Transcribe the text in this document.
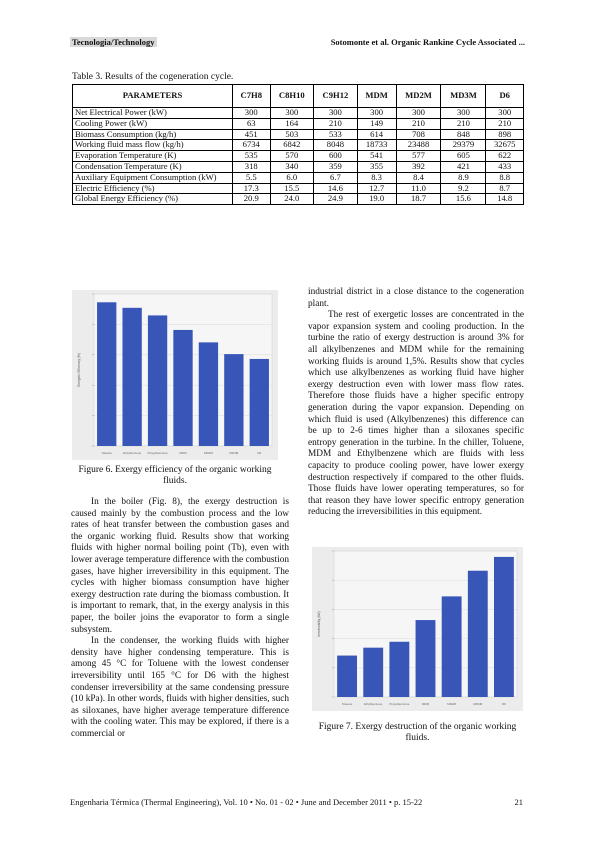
Tecnologia/Technology	Sotomonte et al. Organic Rankine Cycle Associated ...
Table 3. Results of the cogeneration cycle.
PARAMETERS	C7H8	C8H10	C9H12	MDM	MD2M	MD3M	D6
Net Electrical Power (kW)	300	300	300	300	300	300	300
Cooling Power (kW)	63	164	210	149	210	210	210
Biomass Consumption (kg/h)	451	503	533	614	708	848	898
Working fluid mass flow (kg/h)	6734	6842	8048	18733	23488	29379	32675
Evaporation Temperature (K)	535	570	600	541	577	605	622
Condensation Temperature (K)	318	340	359	355	392	421	433
Auxiliary Equipment Consumption (kW)	5.5	6.0	6.7	8.3	8.4	8.9	8.8
Electric Efficiency (%)	17.3	15.5	14.6	12.7	11.0	9.2	8.7
Global Energy Efficiency (%)	20.9	24.0	24.9	19.0	18.7	15.6	14.8
Exergetic Efficiency (%)
Toluene	Ethylbenzene Propylbenzene	MDM	MD2M	MD3M	D6
Figure 6. Exergy efficiency of the organic working fluids.
Irreversibility (kW)
Toluene	Ethylbenzene Propylbenzene	MDM	MD2M	MD3M	D6
Figure 7. Exergy destruction of the organic working fluids.

In the boiler (Fig. 8), the exergy destruction is caused mainly by the combustion process and the low rates of heat transfer between the combustion gases and the organic working fluid. Results show that working fluids with higher normal boiling point (Tb), even with lower average temperature difference with the combustion gases, have higher irreversibility in this equipment. The cycles with higher biomass consumption have higher exergy destruction rate during the biomass combustion. It is important to remark, that, in the exergy analysis in this paper, the boiler joins the evaporator to form a single subsystem.

In the condenser, the working fluids with higher density have higher condensing temperature. This is among 45 °C for Toluene with the lowest condenser irreversibility until 165 °C for D6 with the highest condenser irreversibility at the same condensing pressure (10 kPa). In other words, fluids with higher densities, such as siloxanes, have higher average temperature difference with the cooling water. This may be explored, if there is a commercial or

industrial district in a close distance to the cogeneration plant.

The rest of exergetic losses are concentrated in the vapor expansion system and cooling production. In the turbine the ratio of exergy destruction is around 3% for all alkylbenzenes and MDM while for the remaining working fluids is around 1,5%. Results show that cycles which use alkylbenzenes as working fluid have higher exergy destruction even with lower mass flow rates. Therefore those fluids have a higher specific entropy generation during the vapor expansion. Depending on which fluid is used (Alkylbenzenes) this difference can be up to 2-6 times higher than a siloxanes specific entropy generation in the turbine. In the chiller, Toluene, MDM and Ethylbenzene which are fluids with less capacity to produce cooling power, have lower exergy destruction respectively if compared to the other fluids. Those fluids have lower operating temperatures, so for that reason they have lower specific entropy generation reducing the irreversibilities in this equipment.

Engenharia Térmica (Thermal Engineering), Vol. 10 • No. 01 - 02 • June and December 2011 • p. 15-22	21
